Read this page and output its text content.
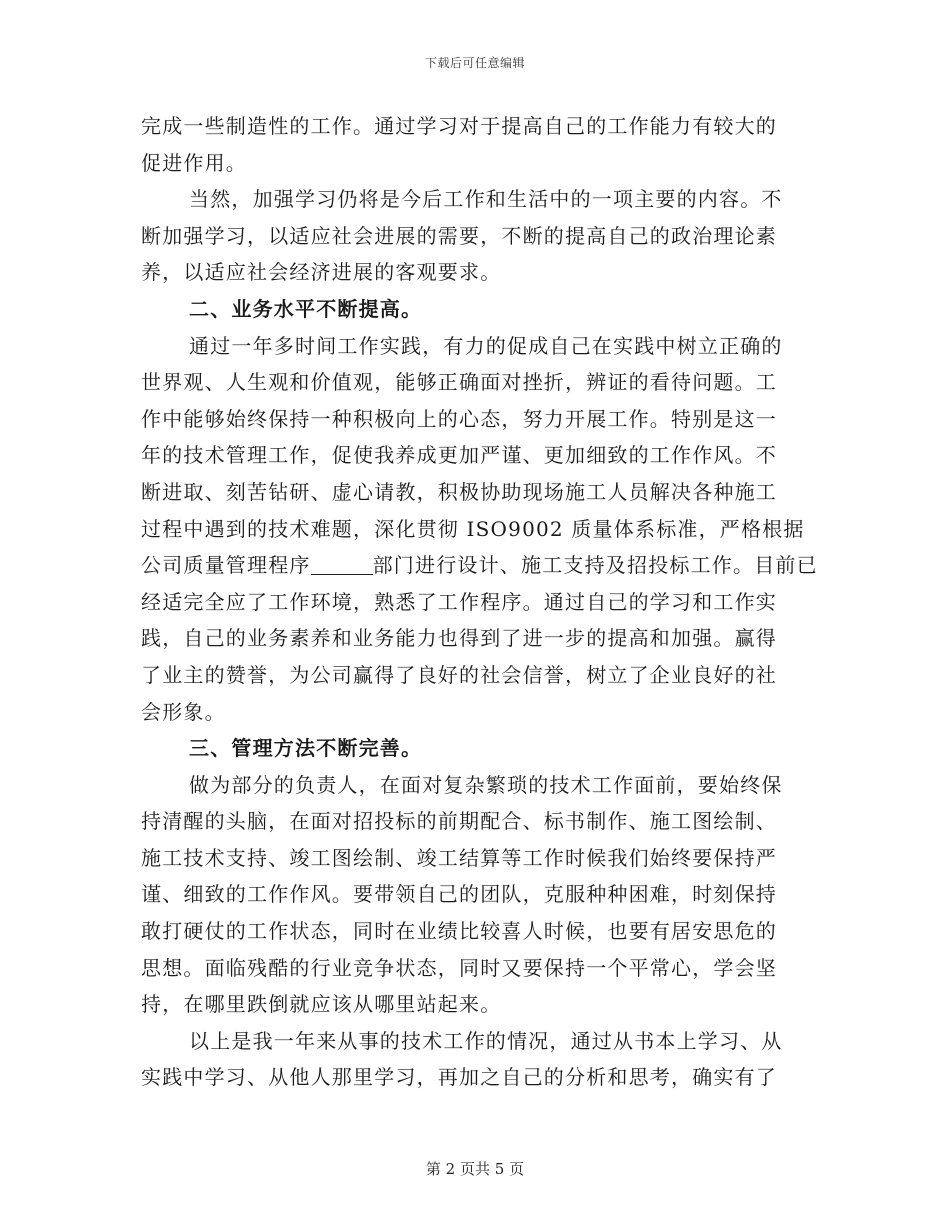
下载后可任意编辑
完成一些制造性的工作。通过学习对于提高自己的工作能力有较大的
促进作用。
当然，加强学习仍将是今后工作和生活中的一项主要的内容。不
断加强学习，以适应社会进展的需要，不断的提高自己的政治理论素
养，以适应社会经济进展的客观要求。
二、业务水平不断提高。
通过一年多时间工作实践，有力的促成自己在实践中树立正确的
世界观、人生观和价值观，能够正确面对挫折，辨证的看待问题。工
作中能够始终保持一种积极向上的心态，努力开展工作。特别是这一
年的技术管理工作，促使我养成更加严谨、更加细致的工作作风。不
断进取、刻苦钻研、虚心请教，积极协助现场施工人员解决各种施工
过程中遇到的技术难题，深化贯彻 ISO9002 质量体系标准，严格根据
公司质量管理程序	部门进行设计、施工支持及招投标工作。目前已
经适完全应了工作环境，熟悉了工作程序。通过自己的学习和工作实
践，自己的业务素养和业务能力也得到了进一步的提高和加强。赢得
了业主的赞誉，为公司赢得了良好的社会信誉，树立了企业良好的社
会形象。
三、管理方法不断完善。
做为部分的负责人，在面对复杂繁琐的技术工作面前，要始终保
持清醒的头脑，在面对招投标的前期配合、标书制作、施工图绘制、
施工技术支持、竣工图绘制、竣工结算等工作时候我们始终要保持严
谨、细致的工作作风。要带领自己的团队，克服种种困难，时刻保持
敢打硬仗的工作状态，同时在业绩比较喜人时候，也要有居安思危的
思想。面临残酷的行业竞争状态，同时又要保持一个平常心，学会坚
持，在哪里跌倒就应该从哪里站起来。
以上是我一年来从事的技术工作的情况，通过从书本上学习、从
实践中学习、从他人那里学习，再加之自己的分析和思考，确实有了
第 2 页共 5 页
